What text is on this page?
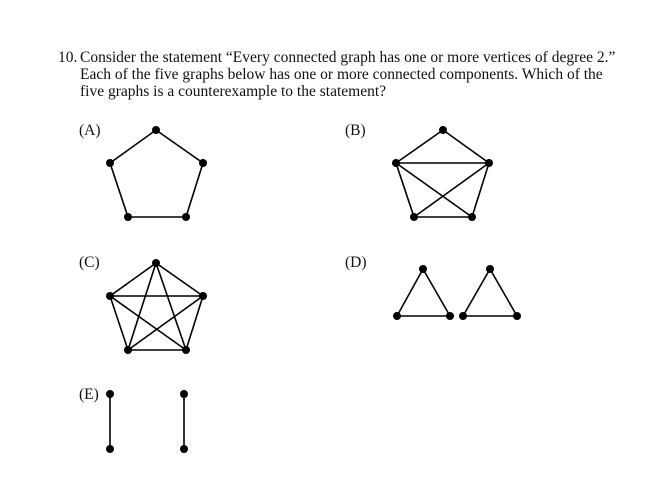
10. Consider the statement “Every connected graph has one or more vertices of degree 2.”
Each of the five graphs below has one or more connected components. Which of the
five graphs is a counterexample to the statement?
(A)	(B)
(C)	(D)
(E)
